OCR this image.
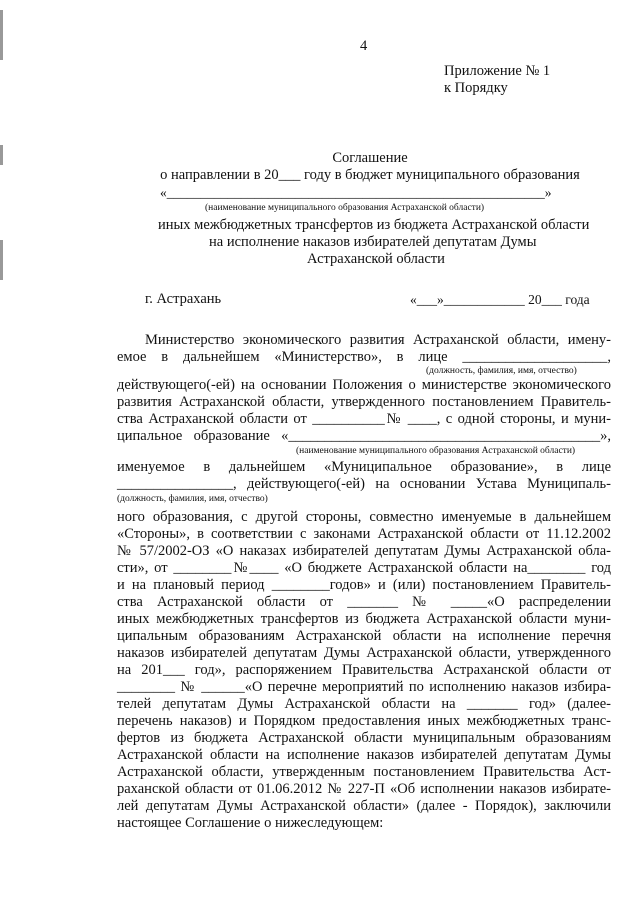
4
Приложение № 1
к Порядку
Соглашение
о направлении в 20___ году в бюджет муниципального образования
«________________________________________________________»
(наименование муниципального образования Астраханской области)
иных межбюджетных трансфертов из бюджета Астраханской области
на исполнение наказов избирателей депутатам Думы
Астраханской области
г. Астрахань	«___»____________ 20___ года
Министерство экономического развития Астраханской области, имену-
емое в дальнейшем «Министерство», в лице ____________________,
(должность, фамилия, имя, отчество)
действующего(-ей) на основании Положения о министерстве экономического
развития Астраханской области, утвержденного постановлением Правитель-
ства Астраханской области от __________№ ____, с одной стороны, и муни-
ципальное образование «___________________________________________»,
(наименование муниципального образования Астраханской области)
именуемое в дальнейшем «Муниципальное образование», в лице
________________, действующего(-ей) на основании Устава Муниципаль-
(должность, фамилия, имя, отчество)
ного образования, с другой стороны, совместно именуемые в дальнейшем
«Стороны», в соответствии с законами Астраханской области от 11.12.2002
№ 57/2002-ОЗ «О наказах избирателей депутатам Думы Астраханской обла-
сти», от ________№____ «О бюджете Астраханской области на________ год
и на плановый период ________годов» и (или) постановлением Правитель-
ства Астраханской области от _______ № _____«О распределении
иных межбюджетных трансфертов из бюджета Астраханской области муни-
ципальным образованиям Астраханской области на исполнение перечня
наказов избирателей депутатам Думы Астраханской области, утвержденного
на 201___ год», распоряжением Правительства Астраханской области от
________ № ______«О перечне мероприятий по исполнению наказов избира-
телей депутатам Думы Астраханской области на _______ год» (далее-
перечень наказов) и Порядком предоставления иных межбюджетных транс-
фертов из бюджета Астраханской области муниципальным образованиям
Астраханской области на исполнение наказов избирателей депутатам Думы
Астраханской области, утвержденным постановлением Правительства Аст-
раханской области от 01.06.2012 № 227-П «Об исполнении наказов избирате-
лей депутатам Думы Астраханской области» (далее - Порядок), заключили
настоящее Соглашение о нижеследующем:
